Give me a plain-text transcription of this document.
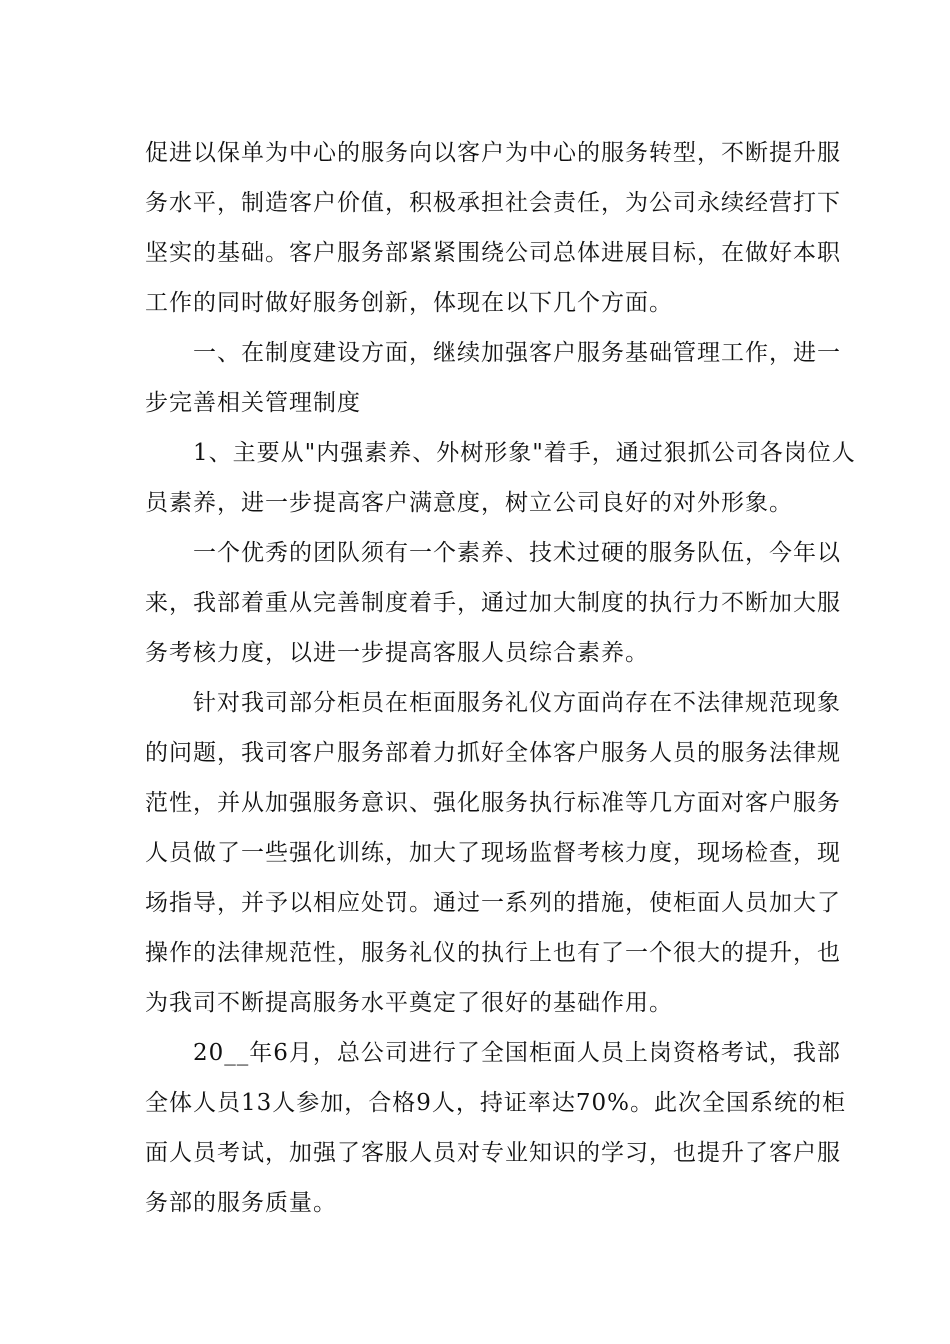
促进以保单为中心的服务向以客户为中心的服务转型，不断提升服
务水平，制造客户价值，积极承担社会责任，为公司永续经营打下
坚实的基础。客户服务部紧紧围绕公司总体进展目标，在做好本职
工作的同时做好服务创新，体现在以下几个方面。
一、在制度建设方面，继续加强客户服务基础管理工作，进一
步完善相关管理制度
1、主要从"内强素养、外树形象"着手，通过狠抓公司各岗位人
员素养，进一步提高客户满意度，树立公司良好的对外形象。
一个优秀的团队须有一个素养、技术过硬的服务队伍，今年以
来，我部着重从完善制度着手，通过加大制度的执行力不断加大服
务考核力度，以进一步提高客服人员综合素养。
针对我司部分柜员在柜面服务礼仪方面尚存在不法律规范现象
的问题，我司客户服务部着力抓好全体客户服务人员的服务法律规
范性，并从加强服务意识、强化服务执行标准等几方面对客户服务
人员做了一些强化训练，加大了现场监督考核力度，现场检查，现
场指导，并予以相应处罚。通过一系列的措施，使柜面人员加大了
操作的法律规范性，服务礼仪的执行上也有了一个很大的提升，也
为我司不断提高服务水平奠定了很好的基础作用。
20__年6月，总公司进行了全国柜面人员上岗资格考试，我部
全体人员13人参加，合格9人，持证率达70%。此次全国系统的柜
面人员考试，加强了客服人员对专业知识的学习，也提升了客户服
务部的服务质量。
